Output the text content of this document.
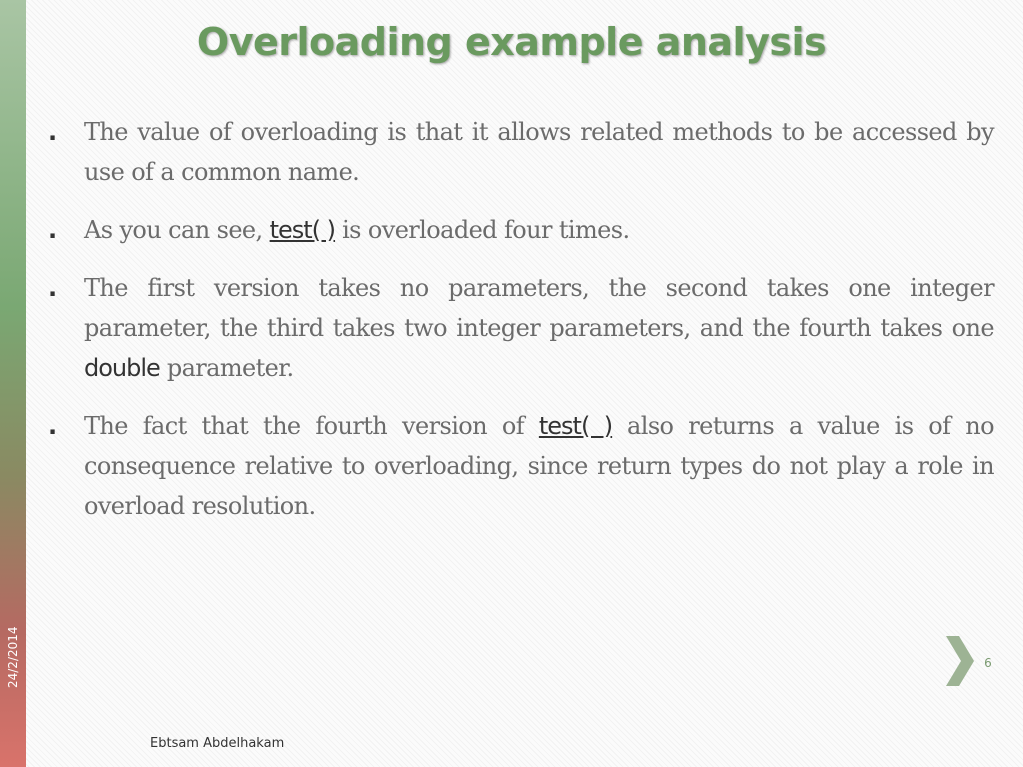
Overloading example analysis
. The value of overloading is that it allows related methods to be accessed by use of a common name.
. As you can see, test( ) is overloaded four times.
. The first version takes no parameters, the second takes one integer parameter, the third takes two integer parameters, and the fourth takes one double parameter.
. The fact that the fourth version of test( ) also returns a value is of no consequence relative to overloading, since return types do not play a role in overload resolution.
6
Ebtsam Abdelhakam
